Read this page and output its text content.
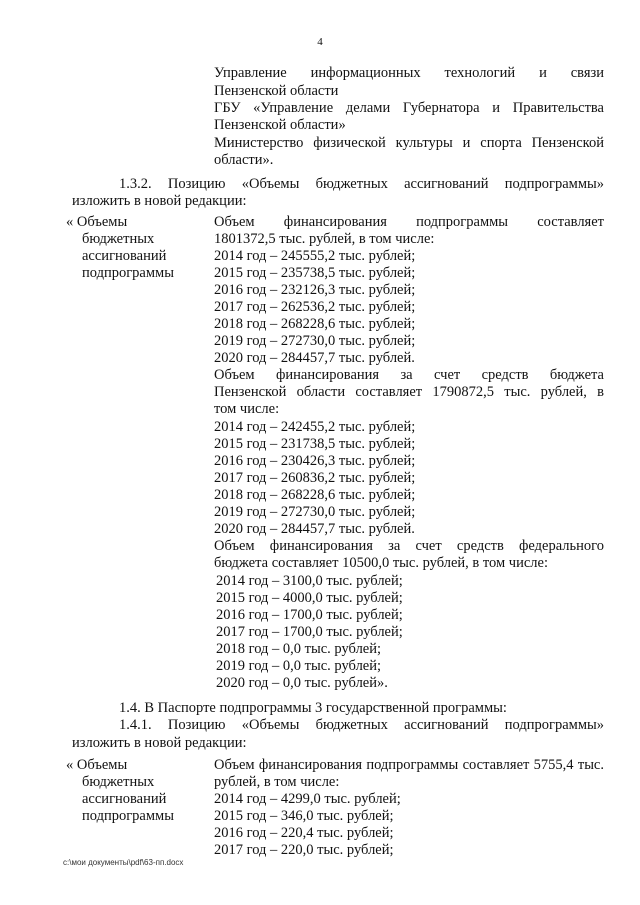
4
Управление информационных технологий и связи
Пензенской области
ГБУ «Управление делами Губернатора и Правительства
Пензенской области»
Министерство физической культуры и спорта Пензенской
области».
1.3.2. Позицию «Объемы бюджетных ассигнований подпрограммы»
изложить в новой редакции:
« Объемы
бюджетных
ассигнований
подпрограммы
Объем финансирования подпрограммы составляет
1801372,5 тыс. рублей, в том числе:
2014 год – 245555,2 тыс. рублей;
2015 год – 235738,5 тыс. рублей;
2016 год – 232126,3 тыс. рублей;
2017 год – 262536,2 тыс. рублей;
2018 год – 268228,6 тыс. рублей;
2019 год – 272730,0 тыс. рублей;
2020 год – 284457,7 тыс. рублей.
Объем финансирования за счет средств бюджета
Пензенской области составляет 1790872,5 тыс. рублей, в
том числе:
2014 год – 242455,2 тыс. рублей;
2015 год – 231738,5 тыс. рублей;
2016 год – 230426,3 тыс. рублей;
2017 год – 260836,2 тыс. рублей;
2018 год – 268228,6 тыс. рублей;
2019 год – 272730,0 тыс. рублей;
2020 год – 284457,7 тыс. рублей.
Объем финансирования за счет средств федерального
бюджета составляет 10500,0 тыс. рублей, в том числе:
2014 год – 3100,0 тыс. рублей;
2015 год – 4000,0 тыс. рублей;
2016 год – 1700,0 тыс. рублей;
2017 год – 1700,0 тыс. рублей;
2018 год – 0,0 тыс. рублей;
2019 год – 0,0 тыс. рублей;
2020 год – 0,0 тыс. рублей».
1.4. В Паспорте подпрограммы 3 государственной программы:
1.4.1. Позицию «Объемы бюджетных ассигнований подпрограммы»
изложить в новой редакции:
« Объемы
бюджетных
ассигнований
подпрограммы
Объем финансирования подпрограммы составляет 5755,4 тыс.
рублей, в том числе:
2014 год – 4299,0 тыс. рублей;
2015 год – 346,0 тыс. рублей;
2016 год – 220,4 тыс. рублей;
2017 год – 220,0 тыс. рублей;
c:\мои документы\pdf\63-пп.docx
